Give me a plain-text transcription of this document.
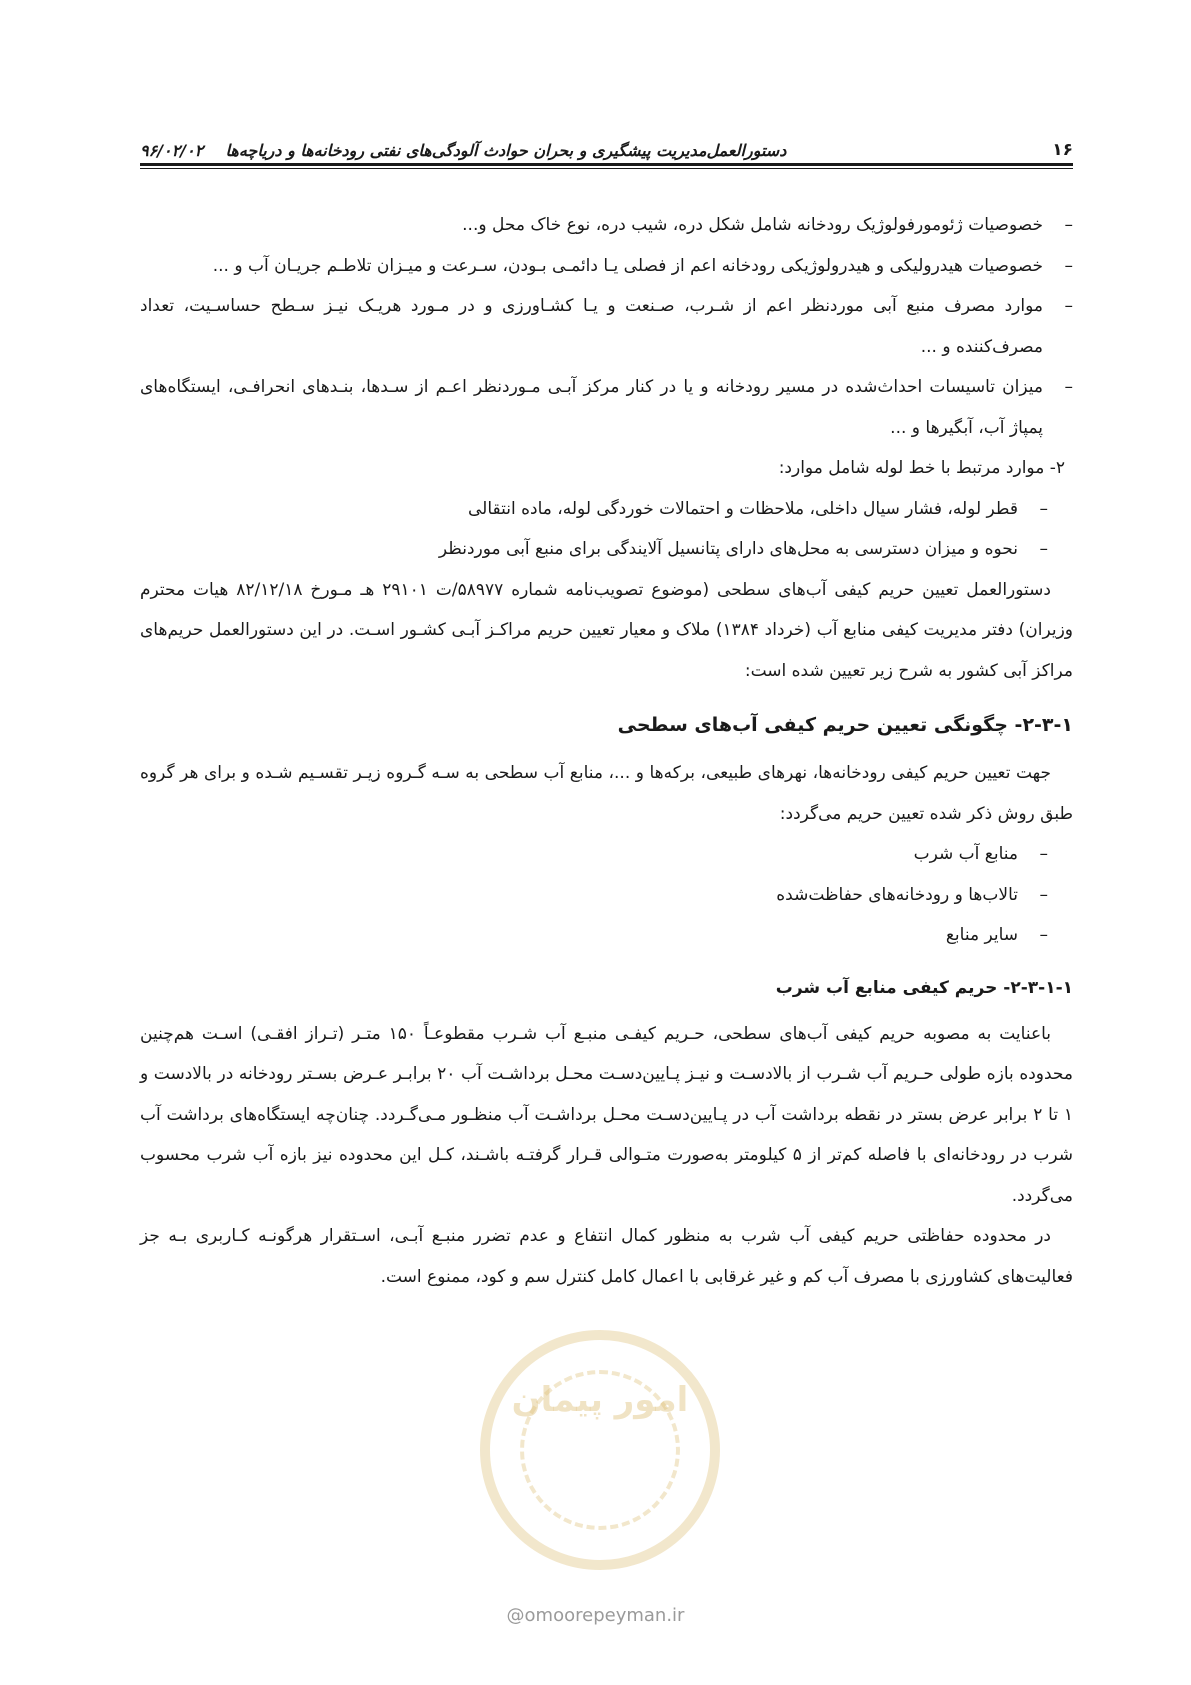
۱۶
دستورالعمل‌مدیریت پیشگیری و بحران حوادث آلودگی‌های نفتی رودخانه‌ها و دریاچه‌ها    ۹۶/۰۲/۰۲
–
خصوصیات ژئومورفولوژیک رودخانه شامل شکل دره، شیب دره، نوع خاک محل و...
–
خصوصیات هیدرولیکی و هیدرولوژیکی رودخانه اعم از فصلی یـا دائمـی بـودن، سـرعت و میـزان تلاطـم جریـان آب و ...
–
موارد مصرف منبع آبی موردنظر اعم از شـرب، صـنعت و یـا کشـاورزی و در مـورد هریـک نیـز سـطح حساسـیت، تعداد مصرف‌کننده و ...
–
میزان تاسیسات احداث‌شده در مسیر رودخانه و یا در کنار مرکز آبـی مـوردنظر اعـم از سـدها، بنـدهای انحرافـی، ایستگاه‌های پمپاژ آب، آبگیرها و ...
۲- موارد مرتبط با خط لوله شامل موارد:
–
قطر لوله، فشار سیال داخلی، ملاحظات و احتمالات خوردگی لوله، ماده انتقالی
–
نحوه و میزان دسترسی به محل‌های دارای پتانسیل آلایندگی برای منبع آبی موردنظر

دستورالعمل تعیین حریم کیفی آب‌های سطحی (موضوع تصویب‌نامه شماره ۵۸۹۷۷/ت ۲۹۱۰۱ هـ مـورخ ۸۲/۱۲/۱۸ هیات محترم وزیران) دفتر مدیریت کیفی منابع آب (خرداد ۱۳۸۴) ملاک و معیار تعیین حریم مراکـز آبـی کشـور اسـت. در این دستورالعمل حریم‌های مراکز آبی کشور به شرح زیر تعیین شده است:

۲-۳-۱- چگونگی تعیین حریم کیفی آب‌های سطحی

جهت تعیین حریم کیفی رودخانه‌ها، نهرهای طبیعی، برکه‌ها و ...، منابع آب سطحی به سـه گـروه زیـر تقسـیم شـده و برای هر گروه طبق روش ذکر شده تعیین حریم می‌گردد:

–
منابع آب شرب
–
تالاب‌ها و رودخانه‌های حفاظت‌شده
–
سایر منابع
۲-۳-۱-۱- حریم کیفی منابع آب شرب

باعنایت به مصوبه حریم کیفی آب‌های سطحی، حـریم کیفـی منبـع آب شـرب مقطوعـاً ۱۵۰ متـر (تـراز افقـی) اسـت هم‌چنین محدوده بازه طولی حـریم آب شـرب از بالادسـت و نیـز پـایین‌دسـت محـل برداشـت آب ۲۰ برابـر عـرض بسـتر رودخانه در بالادست و ۱ تا ۲ برابر عرض بستر در نقطه برداشت آب در پـایین‌دسـت محـل برداشـت آب منظـور مـی‌گـردد. چنان‌چه ایستگاه‌های برداشت آب شرب در رودخانه‌ای با فاصله کم‌تر از ۵ کیلومتر به‌صورت متـوالی قـرار گرفتـه باشـند، کـل این محدوده نیز بازه آب شرب محسوب می‌گردد.

در محدوده حفاظتی حریم کیفی آب شرب به منظور کمال انتفاع و عدم تضرر منبـع آبـی، اسـتقرار هرگونـه کـاربری بـه جز فعالیت‌های کشاورزی با مصرف آب کم و غیر غرقابی با اعمال کامل کنترل سم و کود، ممنوع است.

امور پیمان
@omoorepeyman.ir
